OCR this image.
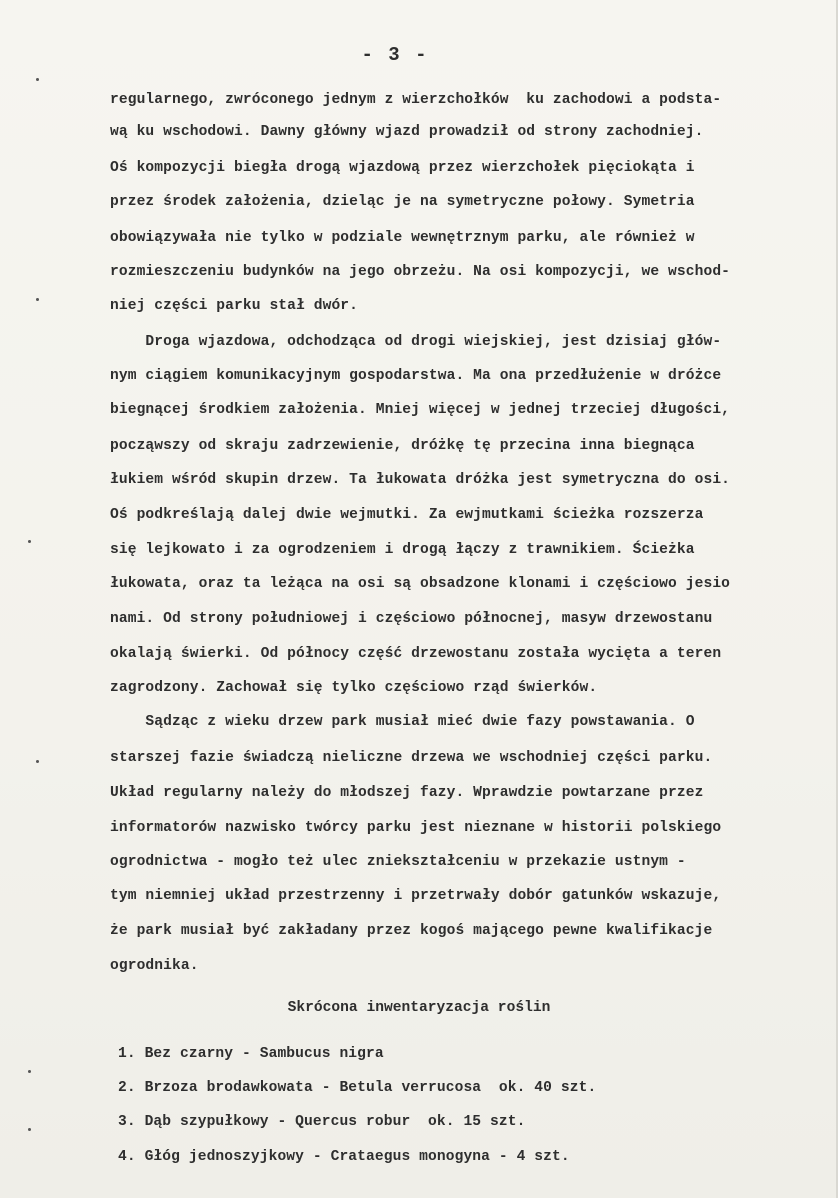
- 3 -
regularnego, zwróconego jednym z wierzchołków  ku zachodowi a podsta-
wą ku wschodowi. Dawny główny wjazd prowadził od strony zachodniej.
Oś kompozycji biegła drogą wjazdową przez wierzchołek pięciokąta i
przez środek założenia, dzieląc je na symetryczne połowy. Symetria
obowiązywała nie tylko w podziale wewnętrznym parku, ale również w
rozmieszczeniu budynków na jego obrzeżu. Na osi kompozycji, we wschod-
niej części parku stał dwór.
Droga wjazdowa, odchodząca od drogi wiejskiej, jest dzisiaj głów-
nym ciągiem komunikacyjnym gospodarstwa. Ma ona przedłużenie w dróżce
biegnącej środkiem założenia. Mniej więcej w jednej trzeciej długości,
począwszy od skraju zadrzewienie, dróżkę tę przecina inna biegnąca
łukiem wśród skupin drzew. Ta łukowata dróżka jest symetryczna do osi.
Oś podkreślają dalej dwie wejmutki. Za ewjmutkami ścieżka rozszerza
się lejkowato i za ogrodzeniem i drogą łączy z trawnikiem. Ścieżka
łukowata, oraz ta leżąca na osi są obsadzone klonami i częściowo jesio
nami. Od strony południowej i częściowo północnej, masyw drzewostanu
okalają świerki. Od północy część drzewostanu została wycięta a teren
zagrodzony. Zachował się tylko częściowo rząd świerków.
Sądząc z wieku drzew park musiał mieć dwie fazy powstawania. O
starszej fazie świadczą nieliczne drzewa we wschodniej części parku.
Układ regularny należy do młodszej fazy. Wprawdzie powtarzane przez
informatorów nazwisko twórcy parku jest nieznane w historii polskiego
ogrodnictwa - mogło też ulec zniekształceniu w przekazie ustnym -
tym niemniej układ przestrzenny i przetrwały dobór gatunków wskazuje,
że park musiał być zakładany przez kogoś mającego pewne kwalifikacje
ogrodnika.
Skrócona inwentaryzacja roślin
1. Bez czarny - Sambucus nigra
2. Brzoza brodawkowata - Betula verrucosa  ok. 40 szt.
3. Dąb szypułkowy - Quercus robur  ok. 15 szt.
4. Głóg jednoszyjkowy - Crataegus monogyna - 4 szt.
